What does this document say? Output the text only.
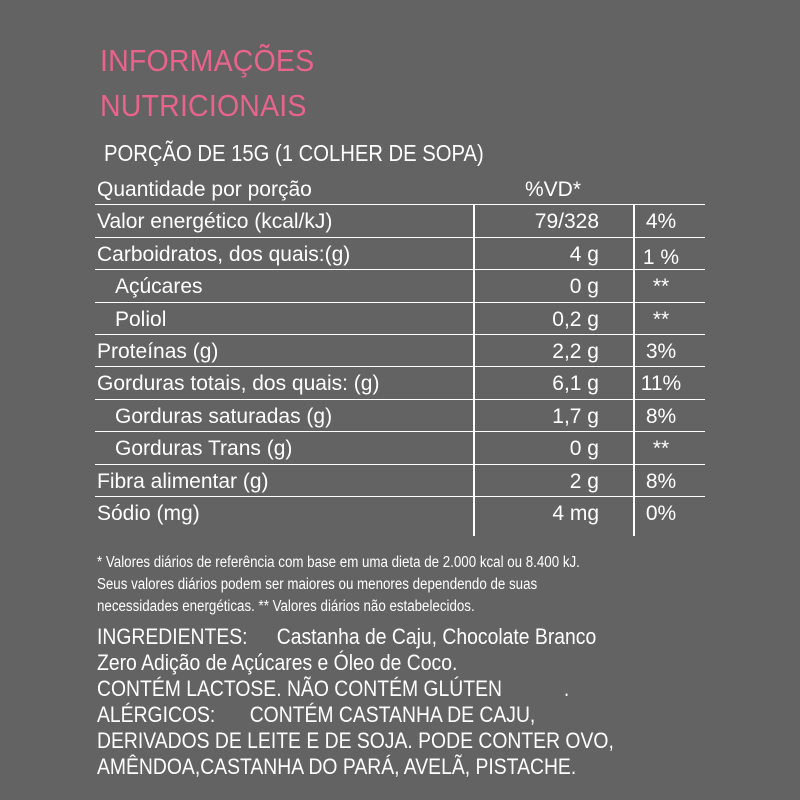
INFORMAÇÕES
NUTRICIONAIS
PORÇÃO DE 15G (1 COLHER DE SOPA)
Quantidade por porção	%VD*
Valor energético (kcal/kJ)	79/328	4%
Carboidratos, dos quais:(g)	4 g	1 %
Açúcares	0 g	**
Poliol	0,2 g	**
Proteínas (g)	2,2 g	3%
Gorduras totais, dos quais: (g)	6,1 g	11%
Gorduras saturadas (g)	1,7 g	8%
Gorduras Trans (g)	0 g	**
Fibra alimentar (g)	2 g	8%
Sódio (mg)	4 mg	0%
* Valores diários de referência com base em uma dieta de 2.000 kcal ou 8.400 kJ.
Seus valores diários podem ser maiores ou menores dependendo de suas
necessidades energéticas. ** Valores diários não estabelecidos.
INGREDIENTES: Castanha de Caju, Chocolate Branco
Zero Adição de Açúcares e Óleo de Coco.
CONTÉM LACTOSE. NÃO CONTÉM GLÚTEN	.
ALÉRGICOS: CONTÉM CASTANHA DE CAJU,
DERIVADOS DE LEITE E DE SOJA. PODE CONTER OVO,
AMÊNDOA,CASTANHA DO PARÁ, AVELÃ, PISTACHE.
